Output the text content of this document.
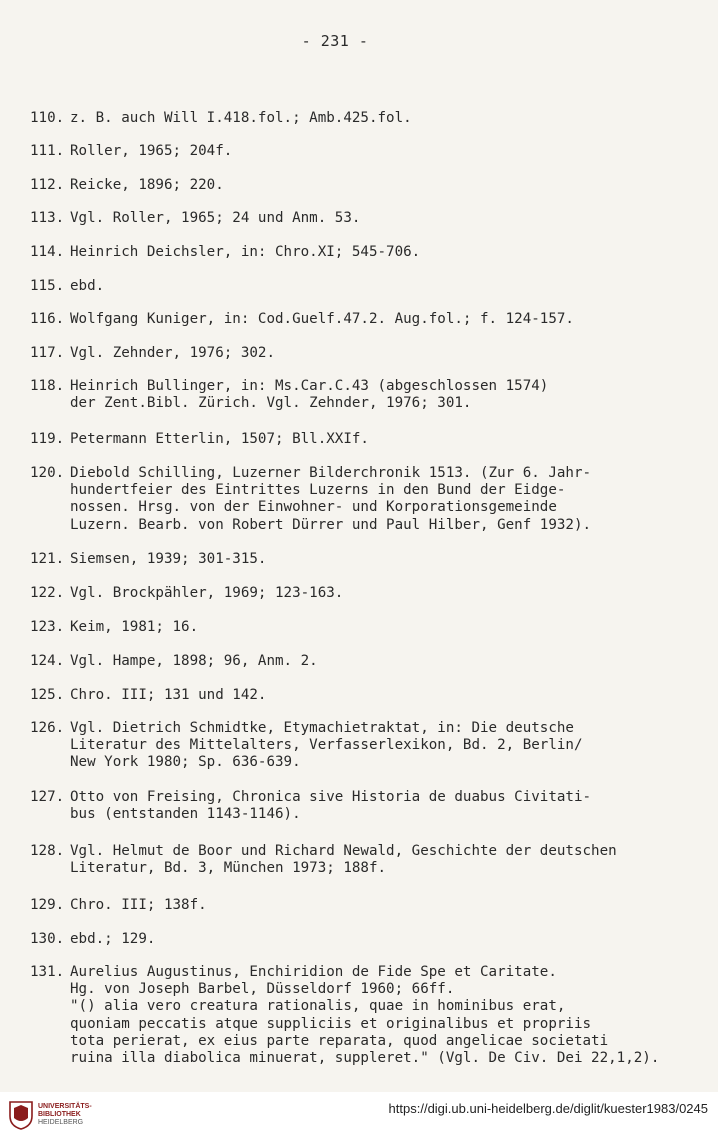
- 231 -
110. z. B. auch Will I.418.fol.; Amb.425.fol.
111. Roller, 1965; 204f.
112. Reicke, 1896; 220.
113. Vgl. Roller, 1965; 24 und Anm. 53.
114. Heinrich Deichsler, in: Chro.XI; 545-706.
115. ebd.
116. Wolfgang Kuniger, in: Cod.Guelf.47.2. Aug.fol.; f. 124-157.
117. Vgl. Zehnder, 1976; 302.
118. Heinrich Bullinger, in: Ms.Car.C.43 (abgeschlossen 1574)
der Zent.Bibl. Zürich. Vgl. Zehnder, 1976; 301.
119. Petermann Etterlin, 1507; Bll.XXIf.
120. Diebold Schilling, Luzerner Bilderchronik 1513. (Zur 6. Jahr-
hundertfeier des Eintrittes Luzerns in den Bund der Eidge-
nossen. Hrsg. von der Einwohner- und Korporationsgemeinde
Luzern. Bearb. von Robert Dürrer und Paul Hilber, Genf 1932).
121. Siemsen, 1939; 301-315.
122. Vgl. Brockpähler, 1969; 123-163.
123. Keim, 1981; 16.
124. Vgl. Hampe, 1898; 96, Anm. 2.
125. Chro. III; 131 und 142.
126. Vgl. Dietrich Schmidtke, Etymachietraktat, in: Die deutsche
Literatur des Mittelalters, Verfasserlexikon, Bd. 2, Berlin/
New York 1980; Sp. 636-639.
127. Otto von Freising, Chronica sive Historia de duabus Civitati-
bus (entstanden 1143-1146).
128. Vgl. Helmut de Boor und Richard Newald, Geschichte der deutschen
Literatur, Bd. 3, München 1973; 188f.
129. Chro. III; 138f.
130. ebd.; 129.
131. Aurelius Augustinus, Enchiridion de Fide Spe et Caritate.
Hg. von Joseph Barbel, Düsseldorf 1960; 66ff.
"() alia vero creatura rationalis, quae in hominibus erat,
quoniam peccatis atque suppliciis et originalibus et propriis
tota perierat, ex eius parte reparata, quod angelicae societati
ruina illa diabolica minuerat, suppleret." (Vgl. De Civ. Dei 22,1,2).
UNIVERSITÄTS-
BIBLIOTHEK
HEIDELBERG
https://digi.ub.uni-heidelberg.de/diglit/kuester1983/0245
